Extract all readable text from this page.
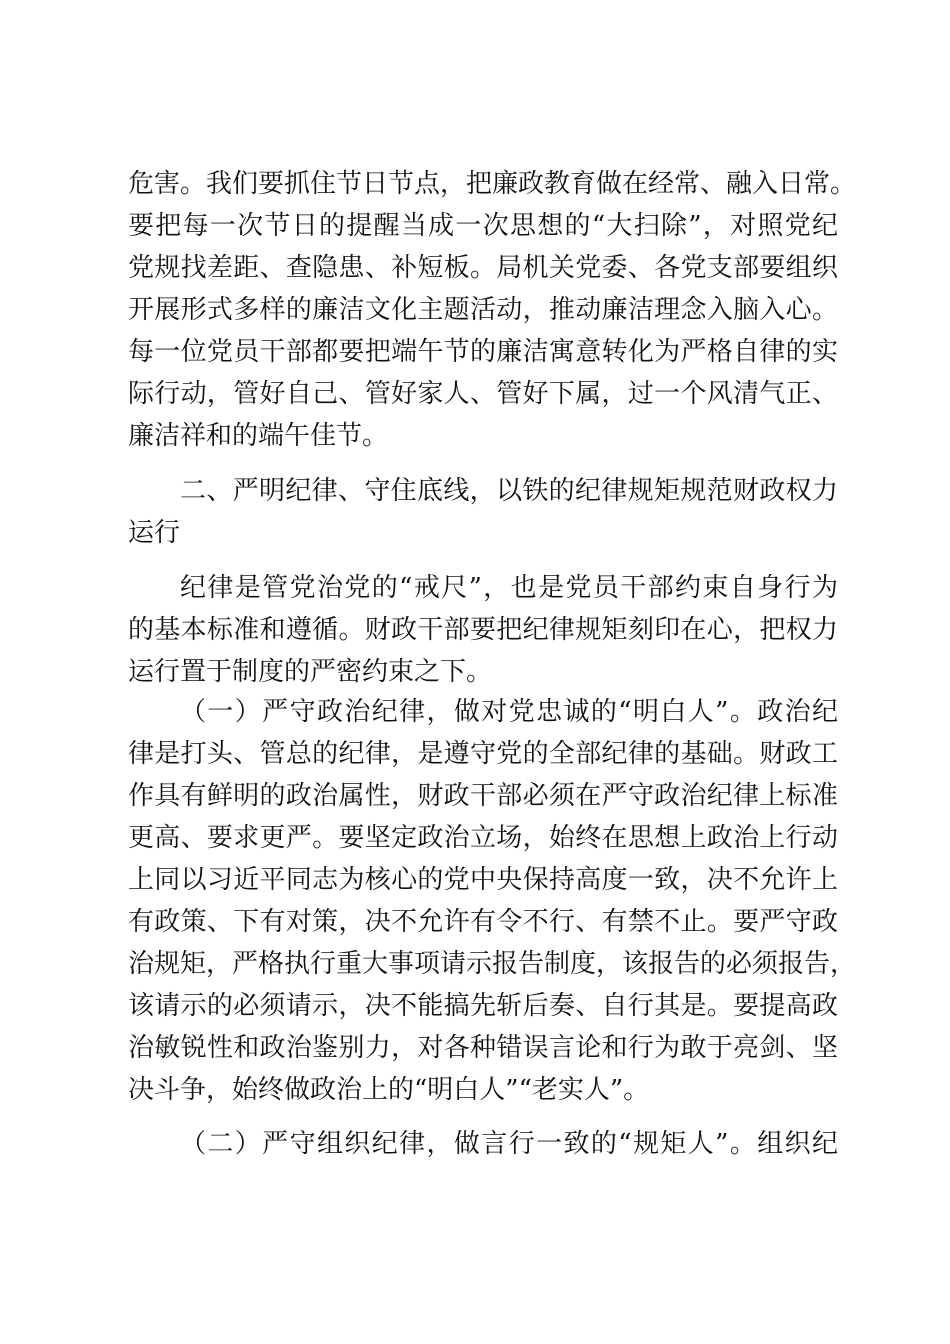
危害。我们要抓住节日节点，把廉政教育做在经常、融入日常。
要把每一次节日的提醒当成一次思想的“大扫除”，对照党纪
党规找差距、查隐患、补短板。局机关党委、各党支部要组织
开展形式多样的廉洁文化主题活动，推动廉洁理念入脑入心。
每一位党员干部都要把端午节的廉洁寓意转化为严格自律的实
际行动，管好自己、管好家人、管好下属，过一个风清气正、
廉洁祥和的端午佳节。
二、严明纪律、守住底线，以铁的纪律规矩规范财政权力
运行
纪律是管党治党的“戒尺”，也是党员干部约束自身行为
的基本标准和遵循。财政干部要把纪律规矩刻印在心，把权力
运行置于制度的严密约束之下。
（一）严守政治纪律，做对党忠诚的“明白人”。政治纪
律是打头、管总的纪律，是遵守党的全部纪律的基础。财政工
作具有鲜明的政治属性，财政干部必须在严守政治纪律上标准
更高、要求更严。要坚定政治立场，始终在思想上政治上行动
上同以习近平同志为核心的党中央保持高度一致，决不允许上
有政策、下有对策，决不允许有令不行、有禁不止。要严守政
治规矩，严格执行重大事项请示报告制度，该报告的必须报告，
该请示的必须请示，决不能搞先斩后奏、自行其是。要提高政
治敏锐性和政治鉴别力，对各种错误言论和行为敢于亮剑、坚
决斗争，始终做政治上的“明白人”“老实人”。
（二）严守组织纪律，做言行一致的“规矩人”。组织纪
